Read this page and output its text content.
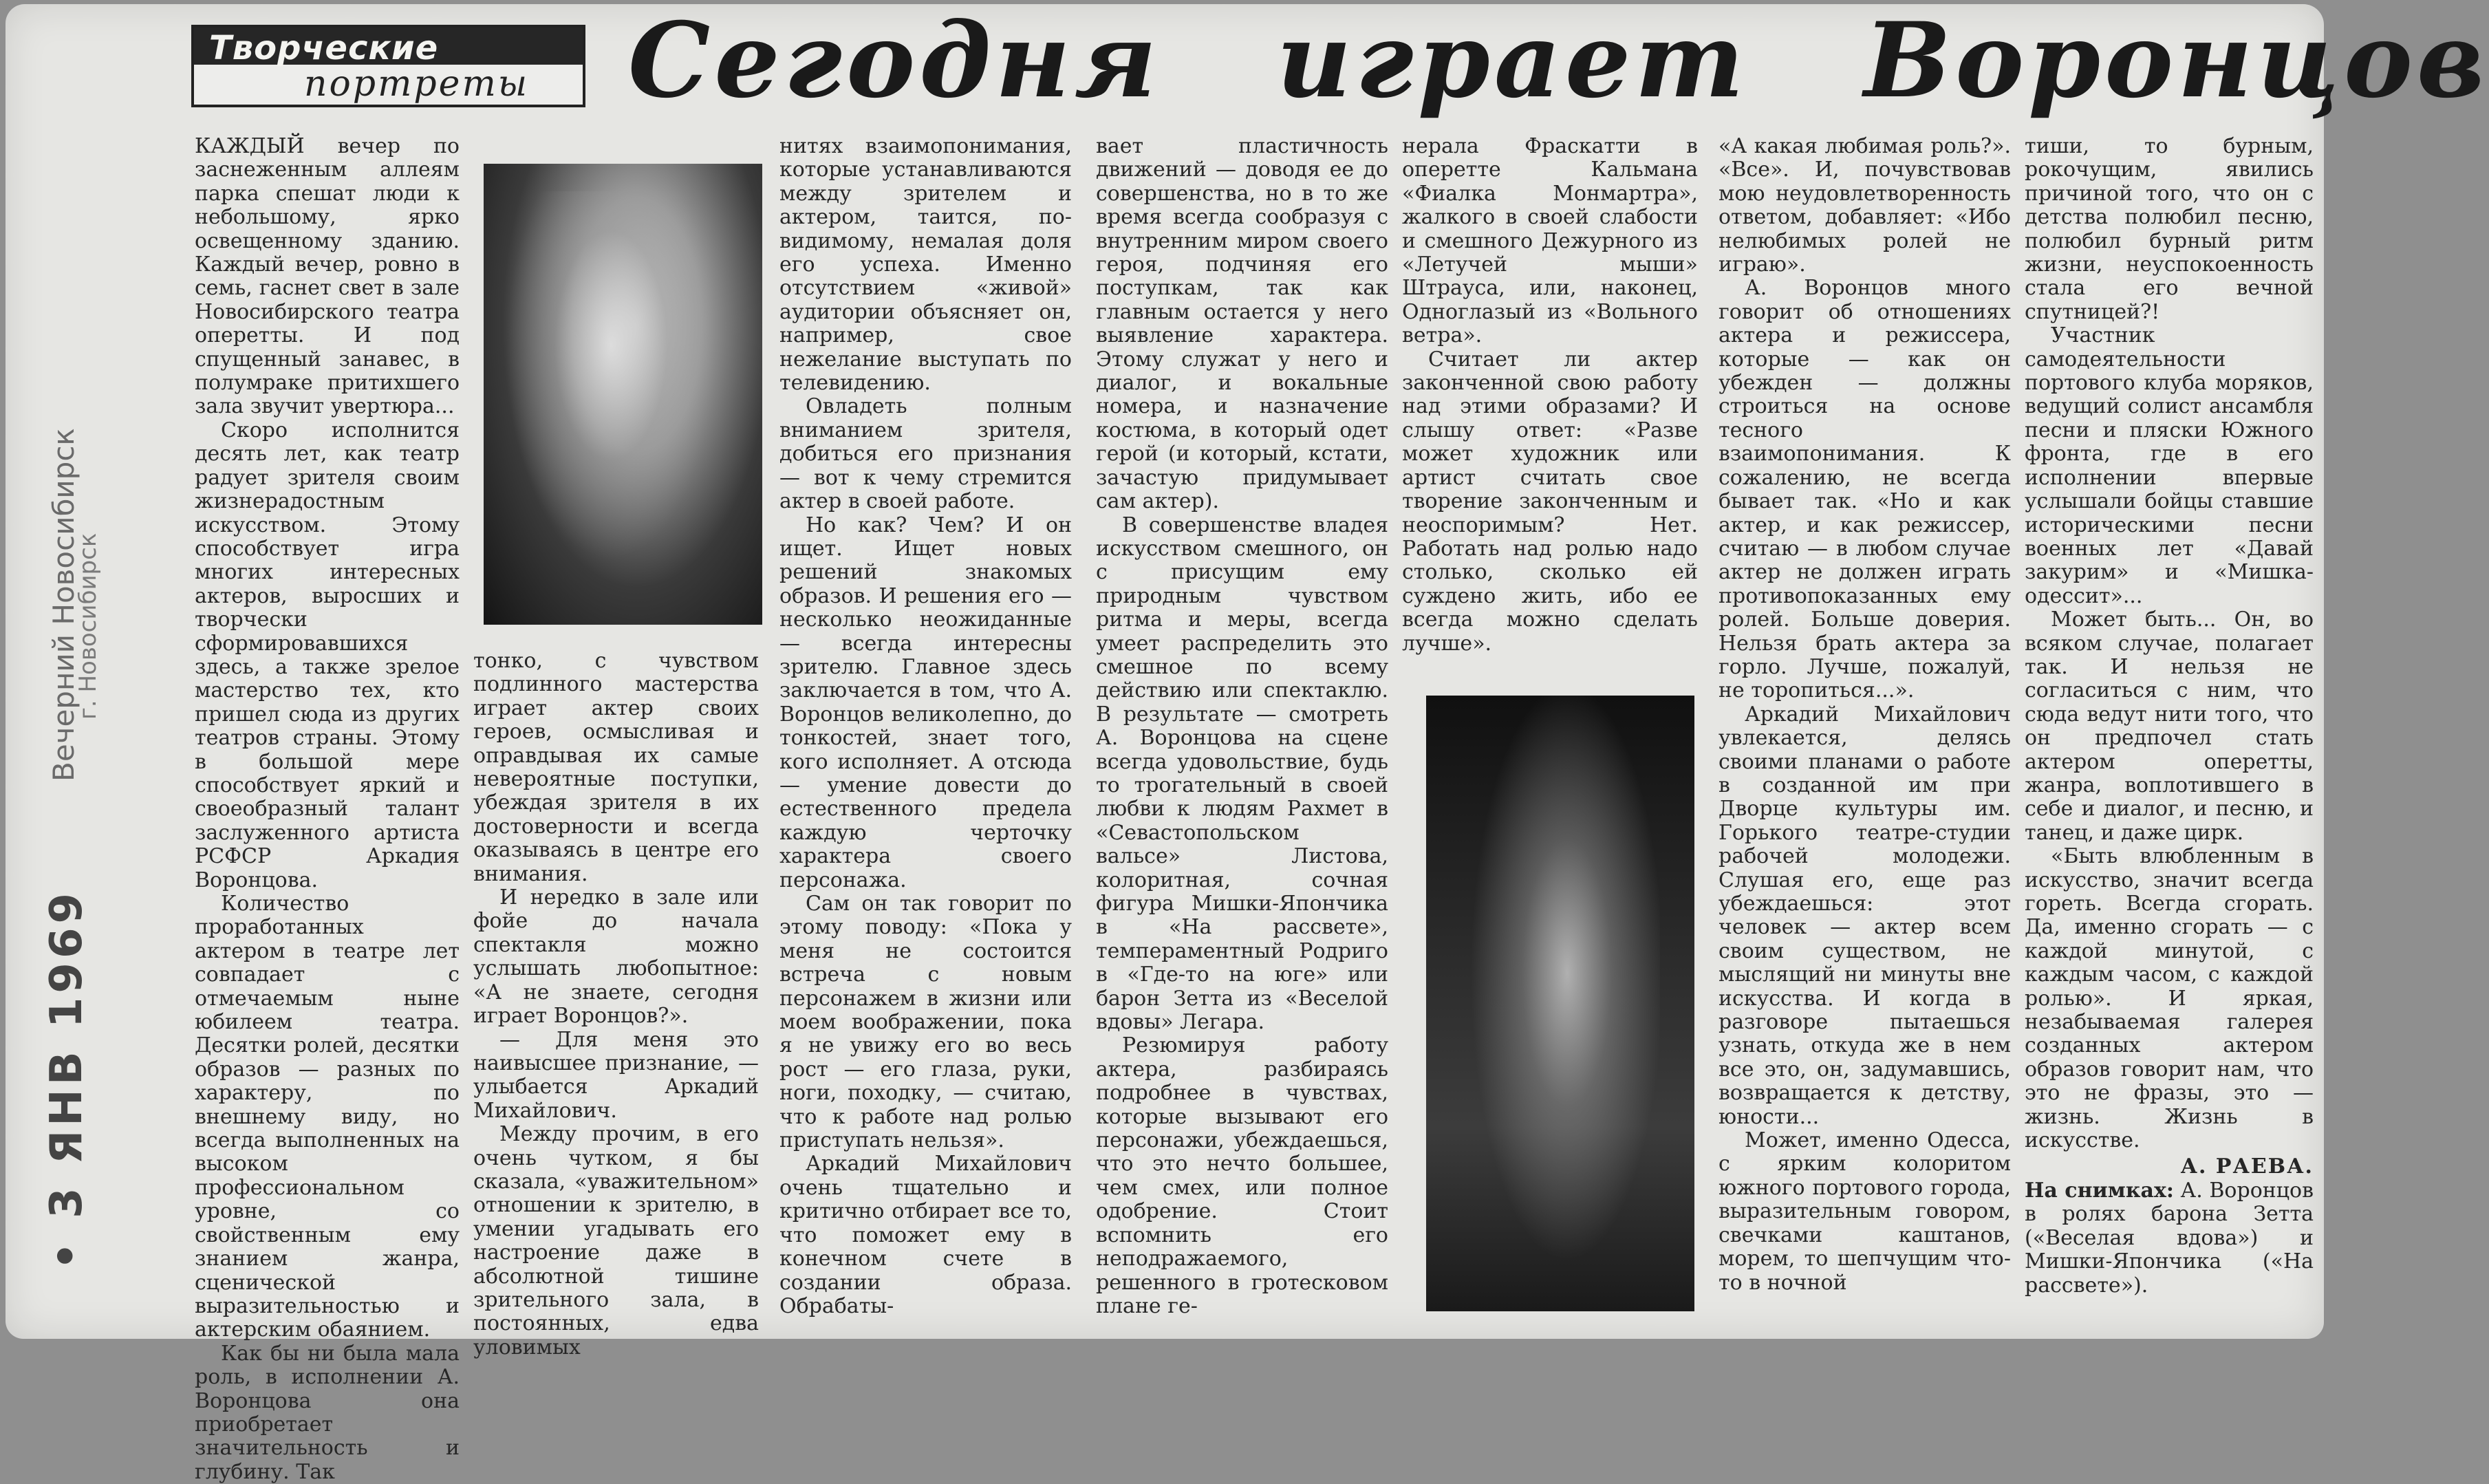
Творческие
портреты Сегодня играет Воронцов
Вечерний Новосибирск
г. Новосибирск
• 3 ЯНВ 1969

КАЖДЫЙ вечер по заснеженным аллеям парка спешат люди к небольшому, ярко освещенному зданию. Каждый вечер, ровно в семь, гаснет свет в зале Новосибирского театра оперетты. И под спущенный занавес, в полумраке притихшего зала звучит увертюра...

Скоро исполнится десять лет, как театр радует зрителя своим жизнерадостным искусством. Этому способствует игра многих интересных актеров, выросших и творчески сформировавшихся здесь, а также зрелое мастерство тех, кто пришел сюда из других театров страны. Этому в большой мере способствует яркий и своеобразный талант заслуженного артиста РСФСР Аркадия Воронцова.

Количество проработанных актером в театре лет совпадает с отмечаемым ныне юбилеем театра. Десятки ролей, десятки образов — разных по характеру, по внешнему виду, но всегда выполненных на высоком профессиональном уровне, со свойственным ему знанием жанра, сценической выразительностью и актерским обаянием.

Как бы ни была мала роль, в исполнении А. Воронцова она приобретает значительность и глубину. Так

тонко, с чувством подлинного мастерства играет актер своих героев, осмысливая и оправдывая их самые невероятные поступки, убеждая зрителя в их достоверности и всегда оказываясь в центре его внимания.

И нередко в зале или фойе до начала спектакля можно услышать любопытное: «А не знаете, сегодня играет Воронцов?».

— Для меня это наивысшее признание, — улыбается Аркадий Михайлович.

Между прочим, в его очень чутком, я бы сказала, «уважительном» отношении к зрителю, в умении угадывать его настроение даже в абсолютной тишине зрительного зала, в постоянных, едва уловимых

нитях взаимопонимания, которые устанавливаются между зрителем и актером, таится, по-видимому, немалая доля его успеха. Именно отсутствием «живой» аудитории объясняет он, например, свое нежелание выступать по телевидению.

Овладеть полным вниманием зрителя, добиться его признания — вот к чему стремится актер в своей работе.

Но как? Чем? И он ищет. Ищет новых решений знакомых образов. И решения его — несколько неожиданные — всегда интересны зрителю. Главное здесь заключается в том, что А. Воронцов великолепно, до тонкостей, знает того, кого исполняет. А отсюда — умение довести до естественного предела каждую черточку характера своего персонажа.

Сам он так говорит по этому поводу: «Пока у меня не состоится встреча с новым персонажем в жизни или моем воображении, пока я не увижу его во весь рост — его глаза, руки, ноги, походку, — считаю, что к работе над ролью приступать нельзя».

Аркадий Михайлович очень тщательно и критично отбирает все то, что поможет ему в конечном счете в создании образа. Обрабаты-

вает пластичность движений — доводя ее до совершенства, но в то же время всегда сообразуя с внутренним миром своего героя, подчиняя его поступкам, так как главным остается у него выявление характера. Этому служат у него и диалог, и вокальные номера, и назначение костюма, в который одет герой (и который, кстати, зачастую придумывает сам актер).

В совершенстве владея искусством смешного, он с присущим ему природным чувством ритма и меры, всегда умеет распределить это смешное по всему действию или спектаклю. В результате — смотреть А. Воронцова на сцене всегда удовольствие, будь то трогательный в своей любви к людям Рахмет в «Севастопольском вальсе» Листова, колоритная, сочная фигура Мишки-Япончика в «На рассвете», темпераментный Родриго в «Где-то на юге» или барон Зетта из «Веселой вдовы» Легара.

Резюмируя работу актера, разбираясь подробнее в чувствах, которые вызывают его персонажи, убеждаешься, что это нечто большее, чем смех, или полное одобрение. Стоит вспомнить его неподражаемого, решенного в гротесковом плане ге-

нерала Фраскатти в оперетте Кальмана «Фиалка Монмартра», жалкого в своей слабости и смешного Дежурного из «Летучей мыши» Штрауса, или, наконец, Одноглазый из «Вольного ветра».

Считает ли актер законченной свою работу над этими образами? И слышу ответ: «Разве может художник или артист считать свое творение законченным и неоспоримым? Нет. Работать над ролью надо столько, сколько ей суждено жить, ибо ее всегда можно сделать лучше».

«А какая любимая роль?». «Все». И, почувствовав мою неудовлетворенность ответом, добавляет: «Ибо нелюбимых ролей не играю».

А. Воронцов много говорит об отношениях актера и режиссера, которые — как он убежден — должны строиться на основе тесного взаимопонимания. К сожалению, не всегда бывает так. «Но и как актер, и как режиссер, считаю — в любом случае актер не должен играть противопоказанных ему ролей. Больше доверия. Нельзя брать актера за горло. Лучше, пожалуй, не торопиться...».

Аркадий Михайлович увлекается, делясь своими планами о работе в созданной им при Дворце культуры им. Горького театре-студии рабочей молодежи. Слушая его, еще раз убеждаешься: этот человек — актер всем своим существом, не мыслящий ни минуты вне искусства. И когда в разговоре пытаешься узнать, откуда же в нем все это, он, задумавшись, возвращается к детству, юности...

Может, именно Одесса, с ярким колоритом южного портового города, выразительным говором, свечками каштанов, морем, то шепчущим что-то в ночной

тиши, то бурным, рокочущим, явились причиной того, что он с детства полюбил песню, полюбил бурный ритм жизни, неуспокоенность стала его вечной спутницей?!

Участник самодеятельности портового клуба моряков, ведущий солист ансамбля песни и пляски Южного фронта, где в его исполнении впервые услышали бойцы ставшие историческими песни военных лет «Давай закурим» и «Мишка-одессит»...

Может быть... Он, во всяком случае, полагает так. И нельзя не согласиться с ним, что сюда ведут нити того, что он предпочел стать актером оперетты, жанра, воплотившего в себе и диалог, и песню, и танец, и даже цирк.

«Быть влюбленным в искусство, значит всегда гореть. Всегда сгорать. Да, именно сгорать — с каждой минутой, с каждым часом, с каждой ролью». И яркая, незабываемая галерея созданных актером образов говорит нам, что это не фразы, это — жизнь. Жизнь в искусстве.

А. РАЕВА.

На снимках: А. Воронцов в ролях барона Зетта («Веселая вдова») и Мишки-Япончика («На рассвете»).
